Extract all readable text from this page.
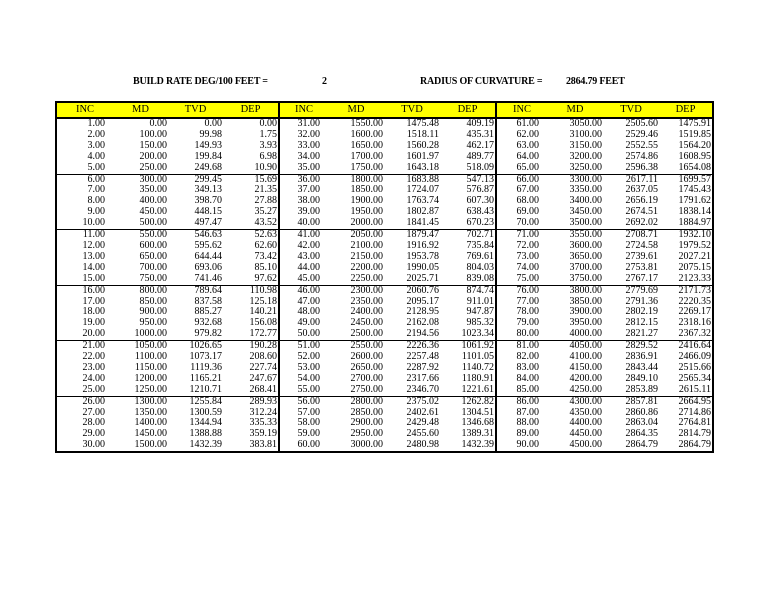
BUILD RATE DEG/100 FEET =	2	RADIUS OF CURVATURE = 2864.79 FEET
INC	MD	TVD	DEP	INC	MD	TVD	DEP	INC	MD	TVD	DEP
1.00	0.00	0.00	0.00	31.00	1550.00	1475.48	409.19	61.00	3050.00	2505.60	1475.91
2.00	100.00	99.98	1.75	32.00	1600.00	1518.11	435.31	62.00	3100.00	2529.46	1519.85
3.00	150.00	149.93	3.93	33.00	1650.00	1560.28	462.17	63.00	3150.00	2552.55	1564.20
4.00	200.00	199.84	6.98	34.00	1700.00	1601.97	489.77	64.00	3200.00	2574.86	1608.95
5.00	250.00	249.68	10.90	35.00	1750.00	1643.18	518.09	65.00	3250.00	2596.38	1654.08
6.00	300.00	299.45	15.69	36.00	1800.00	1683.88	547.13	66.00	3300.00	2617.11	1699.57
7.00	350.00	349.13	21.35	37.00	1850.00	1724.07	576.87	67.00	3350.00	2637.05	1745.43
8.00	400.00	398.70	27.88	38.00	1900.00	1763.74	607.30	68.00	3400.00	2656.19	1791.62
9.00	450.00	448.15	35.27	39.00	1950.00	1802.87	638.43	69.00	3450.00	2674.51	1838.14
10.00	500.00	497.47	43.52	40.00	2000.00	1841.45	670.23	70.00	3500.00	2692.02	1884.97
11.00	550.00	546.63	52.63	41.00	2050.00	1879.47	702.71	71.00	3550.00	2708.71	1932.10
12.00	600.00	595.62	62.60	42.00	2100.00	1916.92	735.84	72.00	3600.00	2724.58	1979.52
13.00	650.00	644.44	73.42	43.00	2150.00	1953.78	769.61	73.00	3650.00	2739.61	2027.21
14.00	700.00	693.06	85.10	44.00	2200.00	1990.05	804.03	74.00	3700.00	2753.81	2075.15
15.00	750.00	741.46	97.62	45.00	2250.00	2025.71	839.08	75.00	3750.00	2767.17	2123.33
16.00	800.00	789.64	110.98	46.00	2300.00	2060.76	874.74	76.00	3800.00	2779.69	2171.73
17.00	850.00	837.58	125.18	47.00	2350.00	2095.17	911.01	77.00	3850.00	2791.36	2220.35
18.00	900.00	885.27	140.21	48.00	2400.00	2128.95	947.87	78.00	3900.00	2802.19	2269.17
19.00	950.00	932.68	156.08	49.00	2450.00	2162.08	985.32	79.00	3950.00	2812.15	2318.16
20.00	1000.00	979.82	172.77	50.00	2500.00	2194.56	1023.34	80.00	4000.00	2821.27	2367.32
21.00	1050.00	1026.65	190.28	51.00	2550.00	2226.36	1061.92	81.00	4050.00	2829.52	2416.64
22.00	1100.00	1073.17	208.60	52.00	2600.00	2257.48	1101.05	82.00	4100.00	2836.91	2466.09
23.00	1150.00	1119.36	227.74	53.00	2650.00	2287.92	1140.72	83.00	4150.00	2843.44	2515.66
24.00	1200.00	1165.21	247.67	54.00	2700.00	2317.66	1180.91	84.00	4200.00	2849.10	2565.34
25.00	1250.00	1210.71	268.41	55.00	2750.00	2346.70	1221.61	85.00	4250.00	2853.89	2615.11
26.00	1300.00	1255.84	289.93	56.00	2800.00	2375.02	1262.82	86.00	4300.00	2857.81	2664.95
27.00	1350.00	1300.59	312.24	57.00	2850.00	2402.61	1304.51	87.00	4350.00	2860.86	2714.86
28.00	1400.00	1344.94	335.33	58.00	2900.00	2429.48	1346.68	88.00	4400.00	2863.04	2764.81
29.00	1450.00	1388.88	359.19	59.00	2950.00	2455.60	1389.31	89.00	4450.00	2864.35	2814.79
30.00	1500.00	1432.39	383.81	60.00	3000.00	2480.98	1432.39	90.00	4500.00	2864.79	2864.79
